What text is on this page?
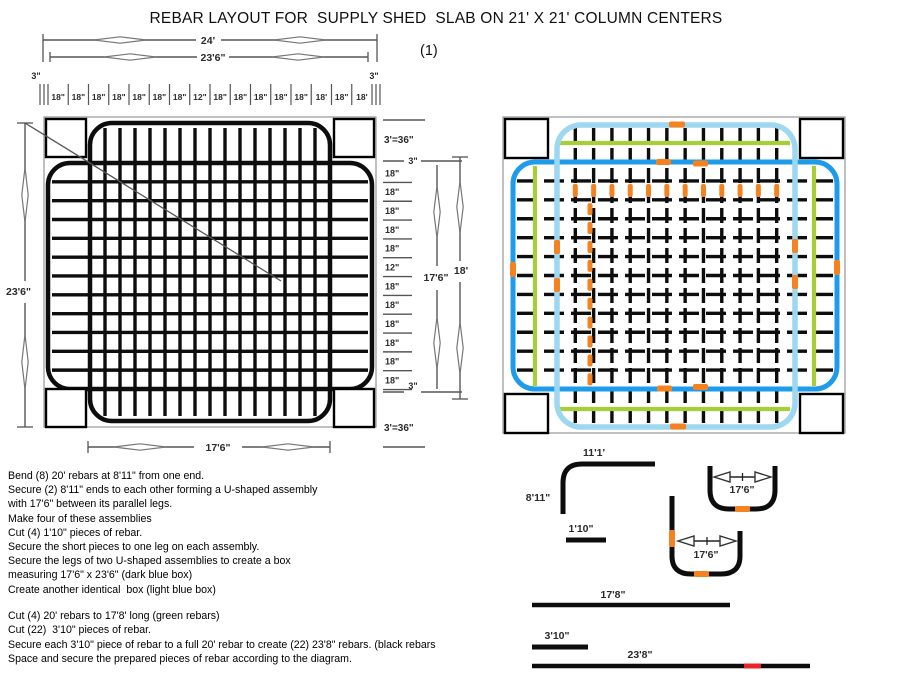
REBAR LAYOUT FOR  SUPPLY SHED  SLAB ON 21' X 21' COLUMN CENTERS
(1)
Bend (8) 20' rebars at 8'11" from one end.
Secure (2) 8'11" ends to each other forming a U-shaped assembly
with 17'6" between its parallel legs.
Make four of these assemblies
Cut (4) 1'10" pieces of rebar.
Secure the short pieces to one leg on each assembly.
Secure the legs of two U-shaped assemblies to create a box
measuring 17'6" x 23'6" (dark blue box)
Create another identical  box (light blue box)
Cut (4) 20' rebars to 17'8' long (green rebars)
Cut (22)  3'10" pieces of rebar.
Secure each 3'10" piece of rebar to a full 20' rebar to create (22) 23'8" rebars. (black rebars
Space and secure the prepared pieces of rebar according to the diagram.
24'
23'6"
3"	3"
18" 18" 18" 18" 18" 18" 18" 12" 18" 18" 18" 18" 18" 18' 18" 18'
23'6"
17'6"
3'=36"
3"
18"
18"
18"
18"
18"
12"
18"
18"
18"
18"
18"
18"
3"
3'=36"
17'6"
18'
11'1'
8'11"
1'10"
17'6"
17'6"
17'8"
3'10"
23'8"
